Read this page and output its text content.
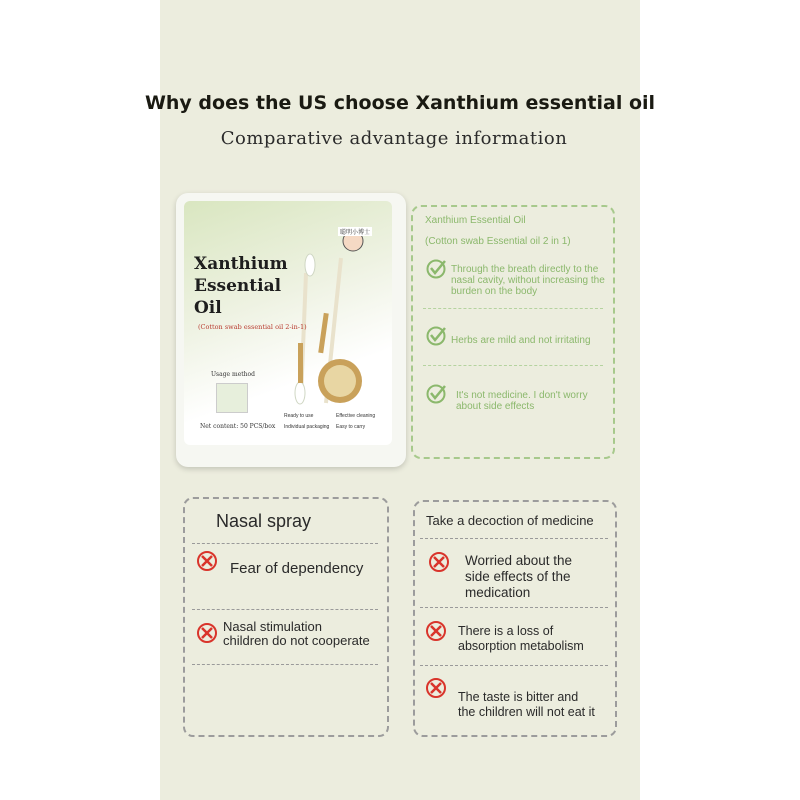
Why does the US choose Xanthium essential oil
Comparative advantage information
聪明小博士
Xanthium
Essential
Oil
(Cotton swab essential oil 2-in-1)
Usage method
Net content: 50 PCS/box
Ready to use	Effective cleaning
Individual packaging Easy to carry
Xanthium Essential Oil
(Cotton swab Essential oil 2 in 1)
Through the breath directly to the
nasal cavity, without increasing the
burden on the body
Herbs are mild and not irritating
It's not medicine. I don't worry
about side effects
Nasal spray
Fear of dependency
Nasal stimulation
children do not cooperate
Take a decoction of medicine
Worried about the
side effects of the
medication
There is a loss of
absorption metabolism
The taste is bitter and
the children will not eat it
